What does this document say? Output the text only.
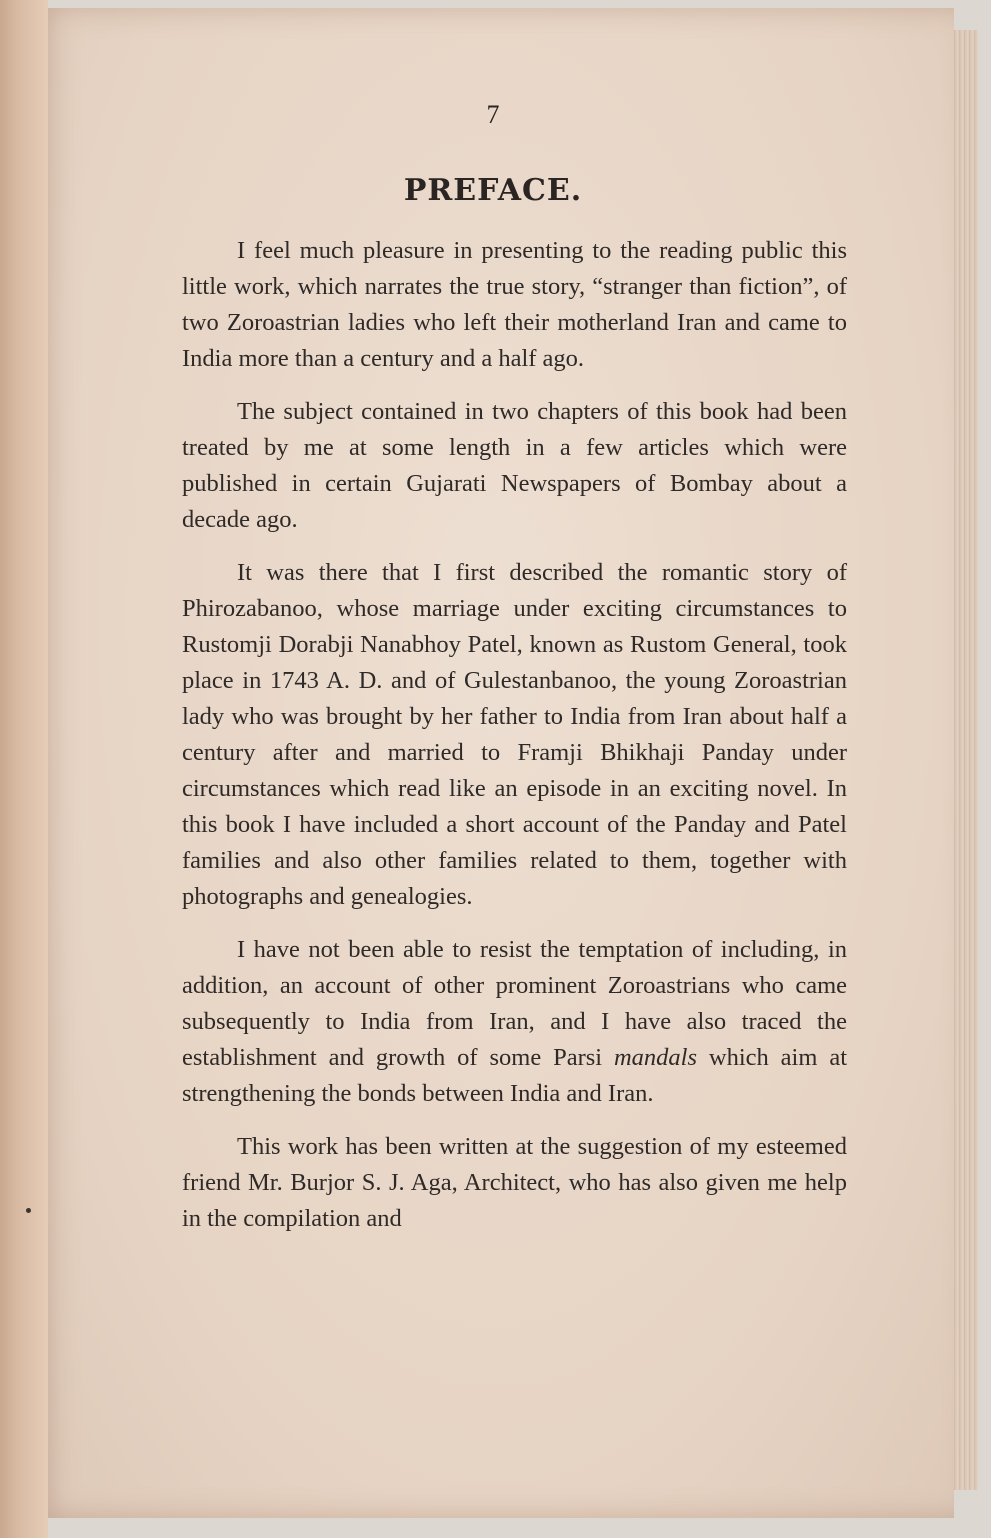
7
PREFACE.

I feel much pleasure in presenting to the reading public this little work, which narrates the true story, “stranger than fiction”, of two Zoroastrian ladies who left their motherland Iran and came to India more than a century and a half ago.

The subject contained in two chapters of this book had been treated by me at some length in a few articles which were published in certain Gujarati Newspapers of Bombay about a decade ago.

It was there that I first described the romantic story of Phirozabanoo, whose marriage under exciting circumstances to Rustomji Dorabji Nanabhoy Patel, known as Rustom General, took place in 1743 A. D. and of Gulestanbanoo, the young Zoroastrian lady who was brought by her father to India from Iran about half a century after and married to Framji Bhikhaji Panday under circumstances which read like an episode in an exciting novel. In this book I have included a short account of the Panday and Patel families and also other families related to them, together with photographs and genealogies.

I have not been able to resist the temptation of including, in addition, an account of other prominent Zoroastrians who came subsequently to India from Iran, and I have also traced the establishment and growth of some Parsi mandals which aim at strengthening the bonds between India and Iran.

This work has been written at the suggestion of my esteemed friend Mr. Burjor S. J. Aga, Architect, who has also given me help in the compilation and
